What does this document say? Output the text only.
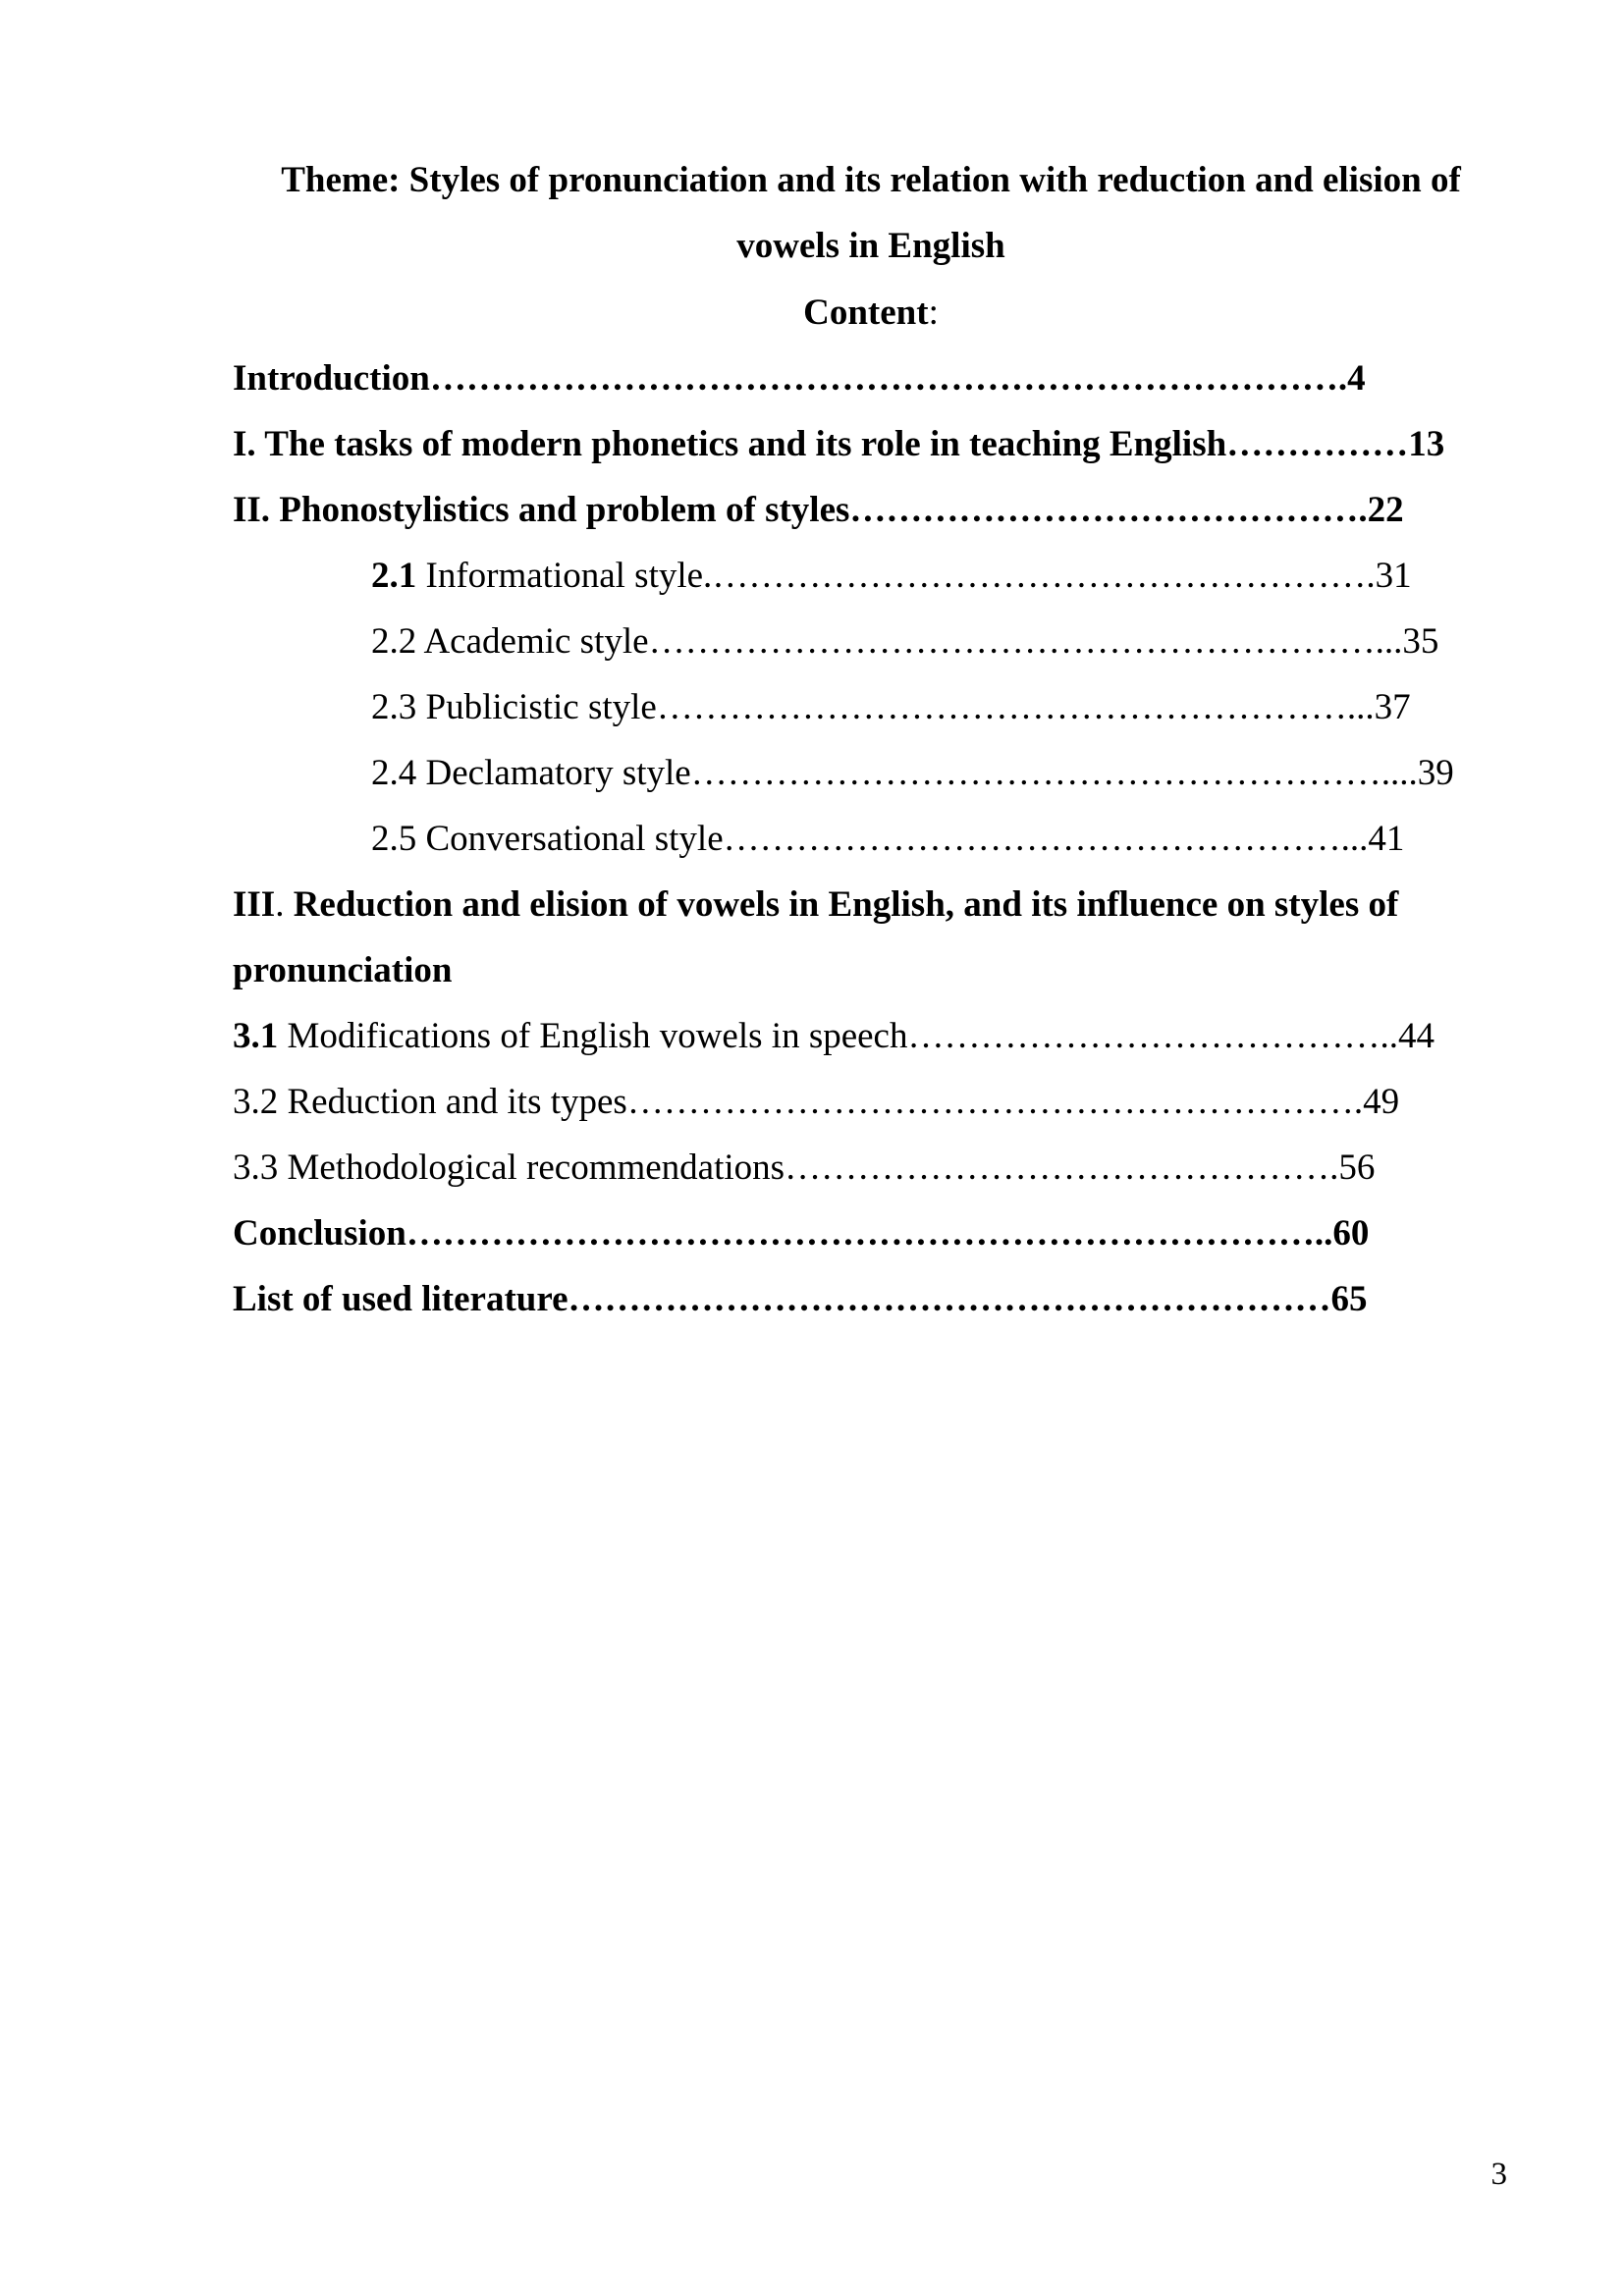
Theme: Styles of pronunciation and its relation with reduction and elision of
vowels in English
Content:
Introduction………………………………………………………………….4
I. The tasks of modern phonetics and its role in teaching English……………13
II. Phonostylistics and problem of styles…………………………………….22
2.1 Informational style.……………………………………………….31
2.2 Academic style……………………………………………………...35
2.3 Publicistic style…………………………………………………...37
2.4 Declamatory style…………………………………………………....39
2.5 Conversational style……………………………………………...41
III. Reduction and elision of vowels in English, and its influence on styles of
pronunciation
3.1 Modifications of English vowels in speech…………………………………..44
3.2 Reduction and its types…………………………………………………….49
3.3 Methodological recommendations……………………………………….56
Conclusion…………………………………………………………………..60
List of used literature………………………………………………………65
3
